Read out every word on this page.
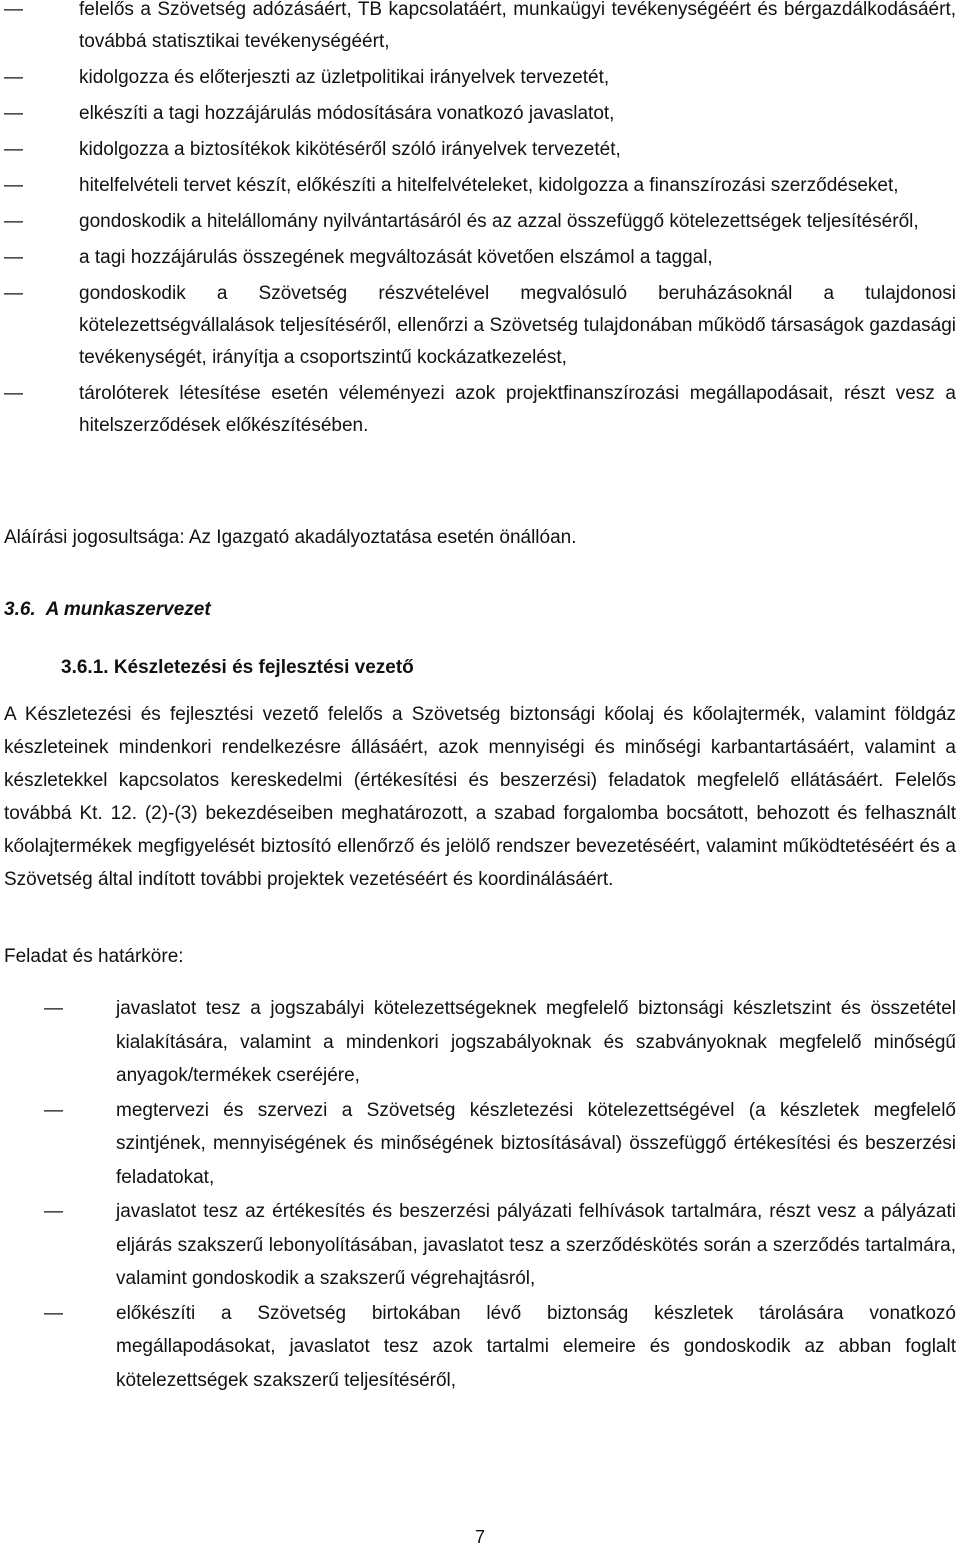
—	felelős a Szövetség adózásáért, TB kapcsolatáért, munkaügyi tevékenységéért és bérgazdálkodásáért, továbbá statisztikai tevékenységéért,
—	kidolgozza és előterjeszti az üzletpolitikai irányelvek tervezetét,
—	elkészíti a tagi hozzájárulás módosítására vonatkozó javaslatot,
—	kidolgozza a biztosítékok kikötéséről szóló irányelvek tervezetét,
—	hitelfelvételi tervet készít, előkészíti a hitelfelvételeket, kidolgozza a finanszírozási szerződéseket,
—	gondoskodik a hitelállomány nyilvántartásáról és az azzal összefüggő kötelezettségek teljesítéséről,
—	a tagi hozzájárulás összegének megváltozását követően elszámol a taggal,
—	gondoskodik a Szövetség részvételével megvalósuló beruházásoknál a tulajdonosi kötelezettségvállalások teljesítéséről, ellenőrzi a Szövetség tulajdonában működő társaságok gazdasági tevékenységét, irányítja a csoportszintű kockázatkezelést,
—	tárolóterek létesítése esetén véleményezi azok projektfinanszírozási megállapodásait, részt vesz a hitelszerződések előkészítésében.

Aláírási jogosultsága: Az Igazgató akadályoztatása esetén önállóan.

3.6. A munkaszervezet

3.6.1. Készletezési és fejlesztési vezető

A Készletezési és fejlesztési vezető felelős a Szövetség biztonsági kőolaj és kőolajtermék, valamint földgáz készleteinek mindenkori rendelkezésre állásáért, azok mennyiségi és minőségi karbantartásáért, valamint a készletekkel kapcsolatos kereskedelmi (értékesítési és beszerzési) feladatok megfelelő ellátásáért. Felelős továbbá Kt. 12. (2)-(3) bekezdéseiben meghatározott, a szabad forgalomba bocsátott, behozott és felhasznált kőolajtermékek megfigyelését biztosító ellenőrző és jelölő rendszer bevezetéséért, valamint működtetéséért és a Szövetség által indított további projektek vezetéséért és koordinálásáért.

Feladat és határköre:

—	javaslatot tesz a jogszabályi kötelezettségeknek megfelelő biztonsági készletszint és összetétel kialakítására, valamint a mindenkori jogszabályoknak és szabványoknak megfelelő minőségű anyagok/termékek cseréjére,
—	megtervezi és szervezi a Szövetség készletezési kötelezettségével (a készletek megfelelő szintjének, mennyiségének és minőségének biztosításával) összefüggő értékesítési és beszerzési feladatokat,
—	javaslatot tesz az értékesítés és beszerzési pályázati felhívások tartalmára, részt vesz a pályázati eljárás szakszerű lebonyolításában, javaslatot tesz a szerződéskötés során a szerződés tartalmára, valamint gondoskodik a szakszerű végrehajtásról,
—	előkészíti a Szövetség birtokában lévő biztonság készletek tárolására vonatkozó megállapodásokat, javaslatot tesz azok tartalmi elemeire és gondoskodik az abban foglalt kötelezettségek szakszerű teljesítéséről,
7
